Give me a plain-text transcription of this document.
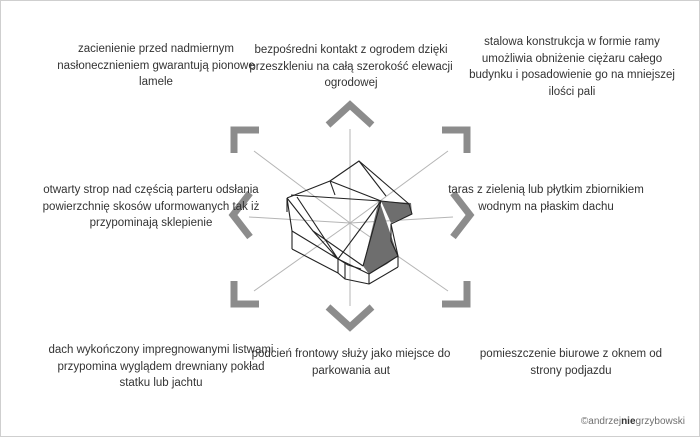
zacienienie przed nadmiernym nasłonecznieniem gwarantują pionowe lamele

bezpośredni kontakt z ogrodem dzięki przeszkleniu na całą szerokość elewacji ogrodowej

stalowa konstrukcja w formie ramy umożliwia obniżenie ciężaru całego budynku i posadowienie go na mniejszej ilości pali

otwarty strop nad częścią parteru odsłania powierzchnię skosów uformowanych tak iż przypominają sklepienie

taras z zielenią lub płytkim zbiornikiem wodnym na płaskim dachu

dach wykończony impregnowanymi listwami przypomina wyglądem drewniany pokład statku lub jachtu

podcień frontowy służy jako miejsce do parkowania aut

pomieszczenie biurowe z oknem od strony podjazdu

©andrzejniegrzybowski
